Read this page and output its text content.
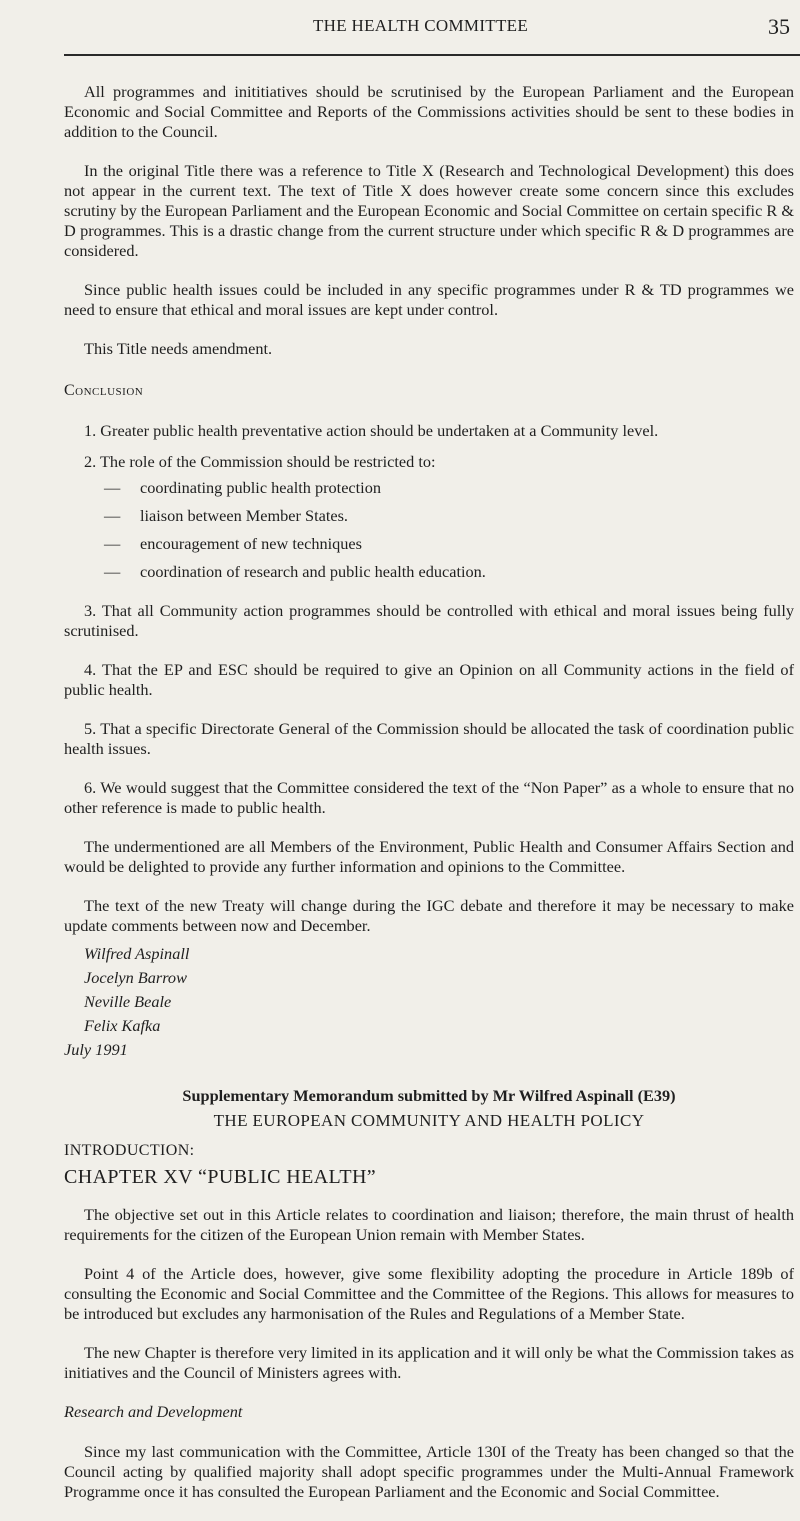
THE HEALTH COMMITTEE	35

All programmes and inititiatives should be scrutinised by the European Parliament and the European Economic and Social Committee and Reports of the Commissions activities should be sent to these bodies in addition to the Council.

In the original Title there was a reference to Title X (Research and Technological Development) this does not appear in the current text. The text of Title X does however create some concern since this excludes scrutiny by the European Parliament and the European Economic and Social Committee on certain specific R & D programmes. This is a drastic change from the current structure under which specific R & D programmes are considered.

Since public health issues could be included in any specific programmes under R & TD programmes we need to ensure that ethical and moral issues are kept under control.

This Title needs amendment.

Conclusion

1. Greater public health preventative action should be undertaken at a Community level.

2. The role of the Commission should be restricted to:

— coordinating public health protection
— liaison between Member States.
— encouragement of new techniques
— coordination of research and public health education.

3. That all Community action programmes should be controlled with ethical and moral issues being fully scrutinised.

4. That the EP and ESC should be required to give an Opinion on all Community actions in the field of public health.

5. That a specific Directorate General of the Commission should be allocated the task of coordination public health issues.

6. We would suggest that the Committee considered the text of the “Non Paper” as a whole to ensure that no other reference is made to public health.

The undermentioned are all Members of the Environment, Public Health and Consumer Affairs Section and would be delighted to provide any further information and opinions to the Committee.

The text of the new Treaty will change during the IGC debate and therefore it may be necessary to make update comments between now and December.

Wilfred Aspinall
Jocelyn Barrow
Neville Beale
Felix Kafka
July 1991
Supplementary Memorandum submitted by Mr Wilfred Aspinall (E39)
THE EUROPEAN COMMUNITY AND HEALTH POLICY
INTRODUCTION:
CHAPTER XV “PUBLIC HEALTH”

The objective set out in this Article relates to coordination and liaison; therefore, the main thrust of health requirements for the citizen of the European Union remain with Member States.

Point 4 of the Article does, however, give some flexibility adopting the procedure in Article 189b of consulting the Economic and Social Committee and the Committee of the Regions. This allows for measures to be introduced but excludes any harmonisation of the Rules and Regulations of a Member State.

The new Chapter is therefore very limited in its application and it will only be what the Commission takes as initiatives and the Council of Ministers agrees with.

Research and Development

Since my last communication with the Committee, Article 130I of the Treaty has been changed so that the Council acting by qualified majority shall adopt specific programmes under the Multi-Annual Framework Programme once it has consulted the European Parliament and the Economic and Social Committee.
